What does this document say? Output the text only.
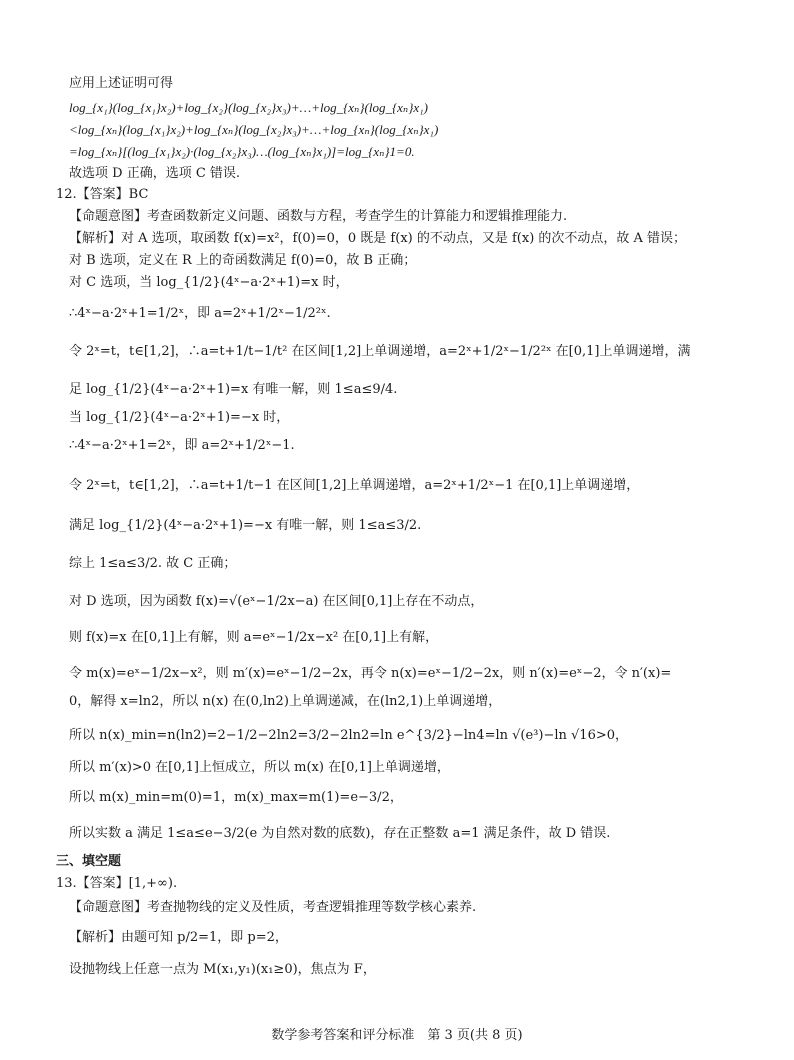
应用上述证明可得
log_{x₁}(log_{x₁}x₂)+log_{x₂}(log_{x₂}x₃)+…+log_{xₙ}(log_{xₙ}x₁)
<log_{xₙ}(log_{x₁}x₂)+log_{xₙ}(log_{x₂}x₃)+…+log_{xₙ}(log_{xₙ}x₁)
=log_{xₙ}[(log_{x₁}x₂)·(log_{x₂}x₃)…(log_{xₙ}x₁)]=log_{xₙ}1=0.
故选项 D 正确，选项 C 错误.
12.【答案】BC
【命题意图】考查函数新定义问题、函数与方程，考查学生的计算能力和逻辑推理能力.
【解析】对 A 选项，取函数 f(x)=x²，f(0)=0，0 既是 f(x) 的不动点，又是 f(x) 的次不动点，故 A 错误；
对 B 选项，定义在 R 上的奇函数满足 f(0)=0，故 B 正确；
对 C 选项，当 log_{1/2}(4ˣ−a·2ˣ+1)=x 时，
∴4ˣ−a·2ˣ+1=1/2ˣ，即 a=2ˣ+1/2ˣ−1/2²ˣ.
令 2ˣ=t，t∈[1,2]，∴a=t+1/t−1/t² 在区间[1,2]上单调递增，a=2ˣ+1/2ˣ−1/2²ˣ 在[0,1]上单调递增，满
足 log_{1/2}(4ˣ−a·2ˣ+1)=x 有唯一解，则 1≤a≤9/4.
当 log_{1/2}(4ˣ−a·2ˣ+1)=−x 时，
∴4ˣ−a·2ˣ+1=2ˣ，即 a=2ˣ+1/2ˣ−1.
令 2ˣ=t，t∈[1,2]，∴a=t+1/t−1 在区间[1,2]上单调递增，a=2ˣ+1/2ˣ−1 在[0,1]上单调递增，
满足 log_{1/2}(4ˣ−a·2ˣ+1)=−x 有唯一解，则 1≤a≤3/2.
综上 1≤a≤3/2. 故 C 正确；
对 D 选项，因为函数 f(x)=√(eˣ−1/2x−a) 在区间[0,1]上存在不动点，
则 f(x)=x 在[0,1]上有解，则 a=eˣ−1/2x−x² 在[0,1]上有解，
令 m(x)=eˣ−1/2x−x²，则 m′(x)=eˣ−1/2−2x，再令 n(x)=eˣ−1/2−2x，则 n′(x)=eˣ−2，令 n′(x)=
0，解得 x=ln2，所以 n(x) 在(0,ln2)上单调递减，在(ln2,1)上单调递增，
所以 n(x)_min=n(ln2)=2−1/2−2ln2=3/2−2ln2=ln e^{3/2}−ln4=ln √(e³)−ln √16>0，
所以 m′(x)>0 在[0,1]上恒成立，所以 m(x) 在[0,1]上单调递增，
所以 m(x)_min=m(0)=1，m(x)_max=m(1)=e−3/2，
所以实数 a 满足 1≤a≤e−3/2(e 为自然对数的底数)，存在正整数 a=1 满足条件，故 D 错误.
三、填空题
13.【答案】[1,+∞).
【命题意图】考查抛物线的定义及性质，考查逻辑推理等数学核心素养.
【解析】由题可知 p/2=1，即 p=2，
设抛物线上任意一点为 M(x₁,y₁)(x₁≥0)，焦点为 F，
数学参考答案和评分标准　第 3 页(共 8 页)
